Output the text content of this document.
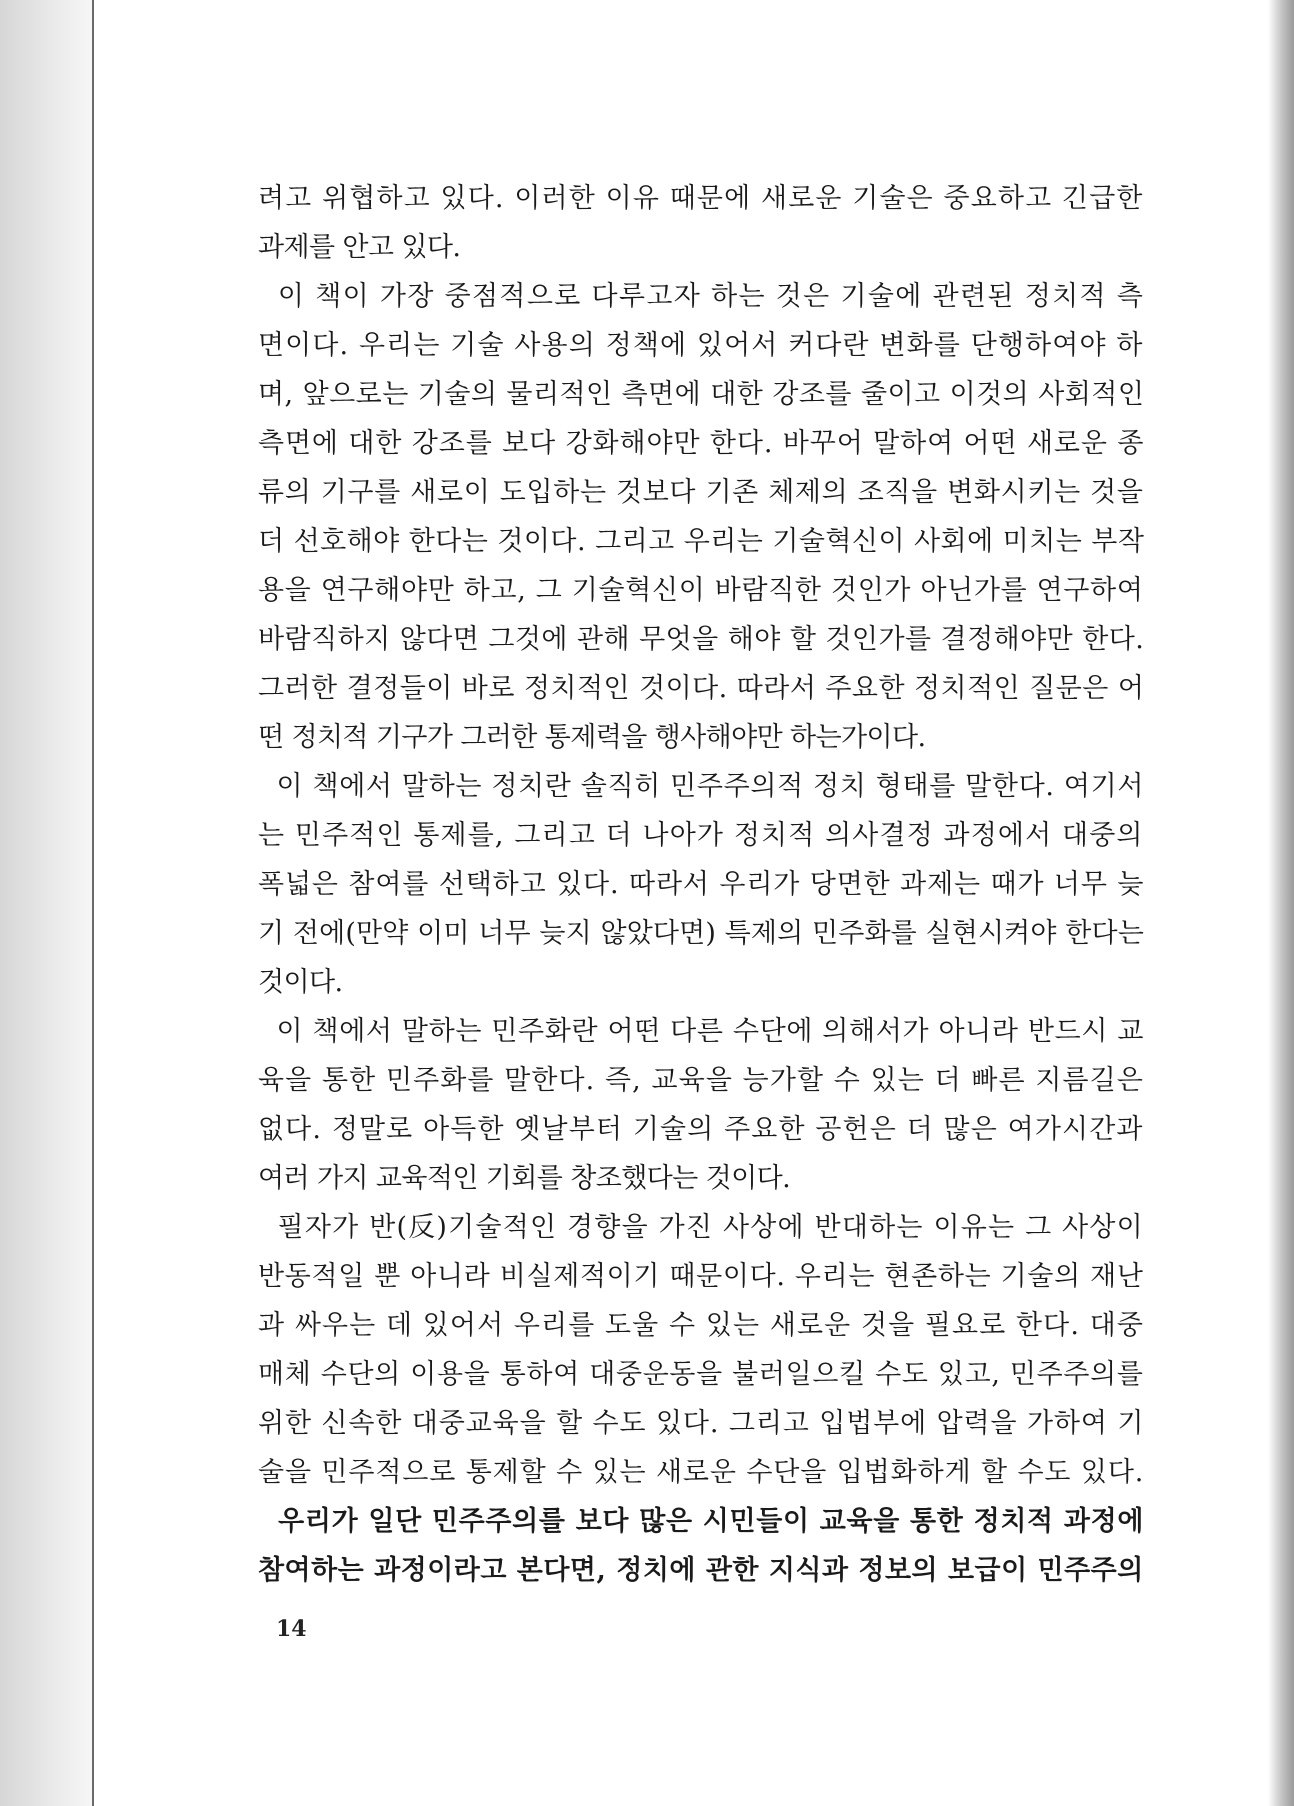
려고 위협하고 있다. 이러한 이유 때문에 새로운 기술은 중요하고 긴급한
과제를 안고 있다.
이 책이 가장 중점적으로 다루고자 하는 것은 기술에 관련된 정치적 측
면이다. 우리는 기술 사용의 정책에 있어서 커다란 변화를 단행하여야 하
며, 앞으로는 기술의 물리적인 측면에 대한 강조를 줄이고 이것의 사회적인
측면에 대한 강조를 보다 강화해야만 한다. 바꾸어 말하여 어떤 새로운 종
류의 기구를 새로이 도입하는 것보다 기존 체제의 조직을 변화시키는 것을
더 선호해야 한다는 것이다. 그리고 우리는 기술혁신이 사회에 미치는 부작
용을 연구해야만 하고, 그 기술혁신이 바람직한 것인가 아닌가를 연구하여
바람직하지 않다면 그것에 관해 무엇을 해야 할 것인가를 결정해야만 한다.
그러한 결정들이 바로 정치적인 것이다. 따라서 주요한 정치적인 질문은 어
떤 정치적 기구가 그러한 통제력을 행사해야만 하는가이다.
이 책에서 말하는 정치란 솔직히 민주주의적 정치 형태를 말한다. 여기서
는 민주적인 통제를, 그리고 더 나아가 정치적 의사결정 과정에서 대중의
폭넓은 참여를 선택하고 있다. 따라서 우리가 당면한 과제는 때가 너무 늦
기 전에(만약 이미 너무 늦지 않았다면) 특제의 민주화를 실현시켜야 한다는
것이다.
이 책에서 말하는 민주화란 어떤 다른 수단에 의해서가 아니라 반드시 교
육을 통한 민주화를 말한다. 즉, 교육을 능가할 수 있는 더 빠른 지름길은
없다. 정말로 아득한 옛날부터 기술의 주요한 공헌은 더 많은 여가시간과
여러 가지 교육적인 기회를 창조했다는 것이다.
필자가 반(反)기술적인 경향을 가진 사상에 반대하는 이유는 그 사상이
반동적일 뿐 아니라 비실제적이기 때문이다. 우리는 현존하는 기술의 재난
과 싸우는 데 있어서 우리를 도울 수 있는 새로운 것을 필요로 한다. 대중
매체 수단의 이용을 통하여 대중운동을 불러일으킬 수도 있고, 민주주의를
위한 신속한 대중교육을 할 수도 있다. 그리고 입법부에 압력을 가하여 기
술을 민주적으로 통제할 수 있는 새로운 수단을 입법화하게 할 수도 있다.
우리가 일단 민주주의를 보다 많은 시민들이 교육을 통한 정치적 과정에
참여하는 과정이라고 본다면, 정치에 관한 지식과 정보의 보급이 민주주의
14
